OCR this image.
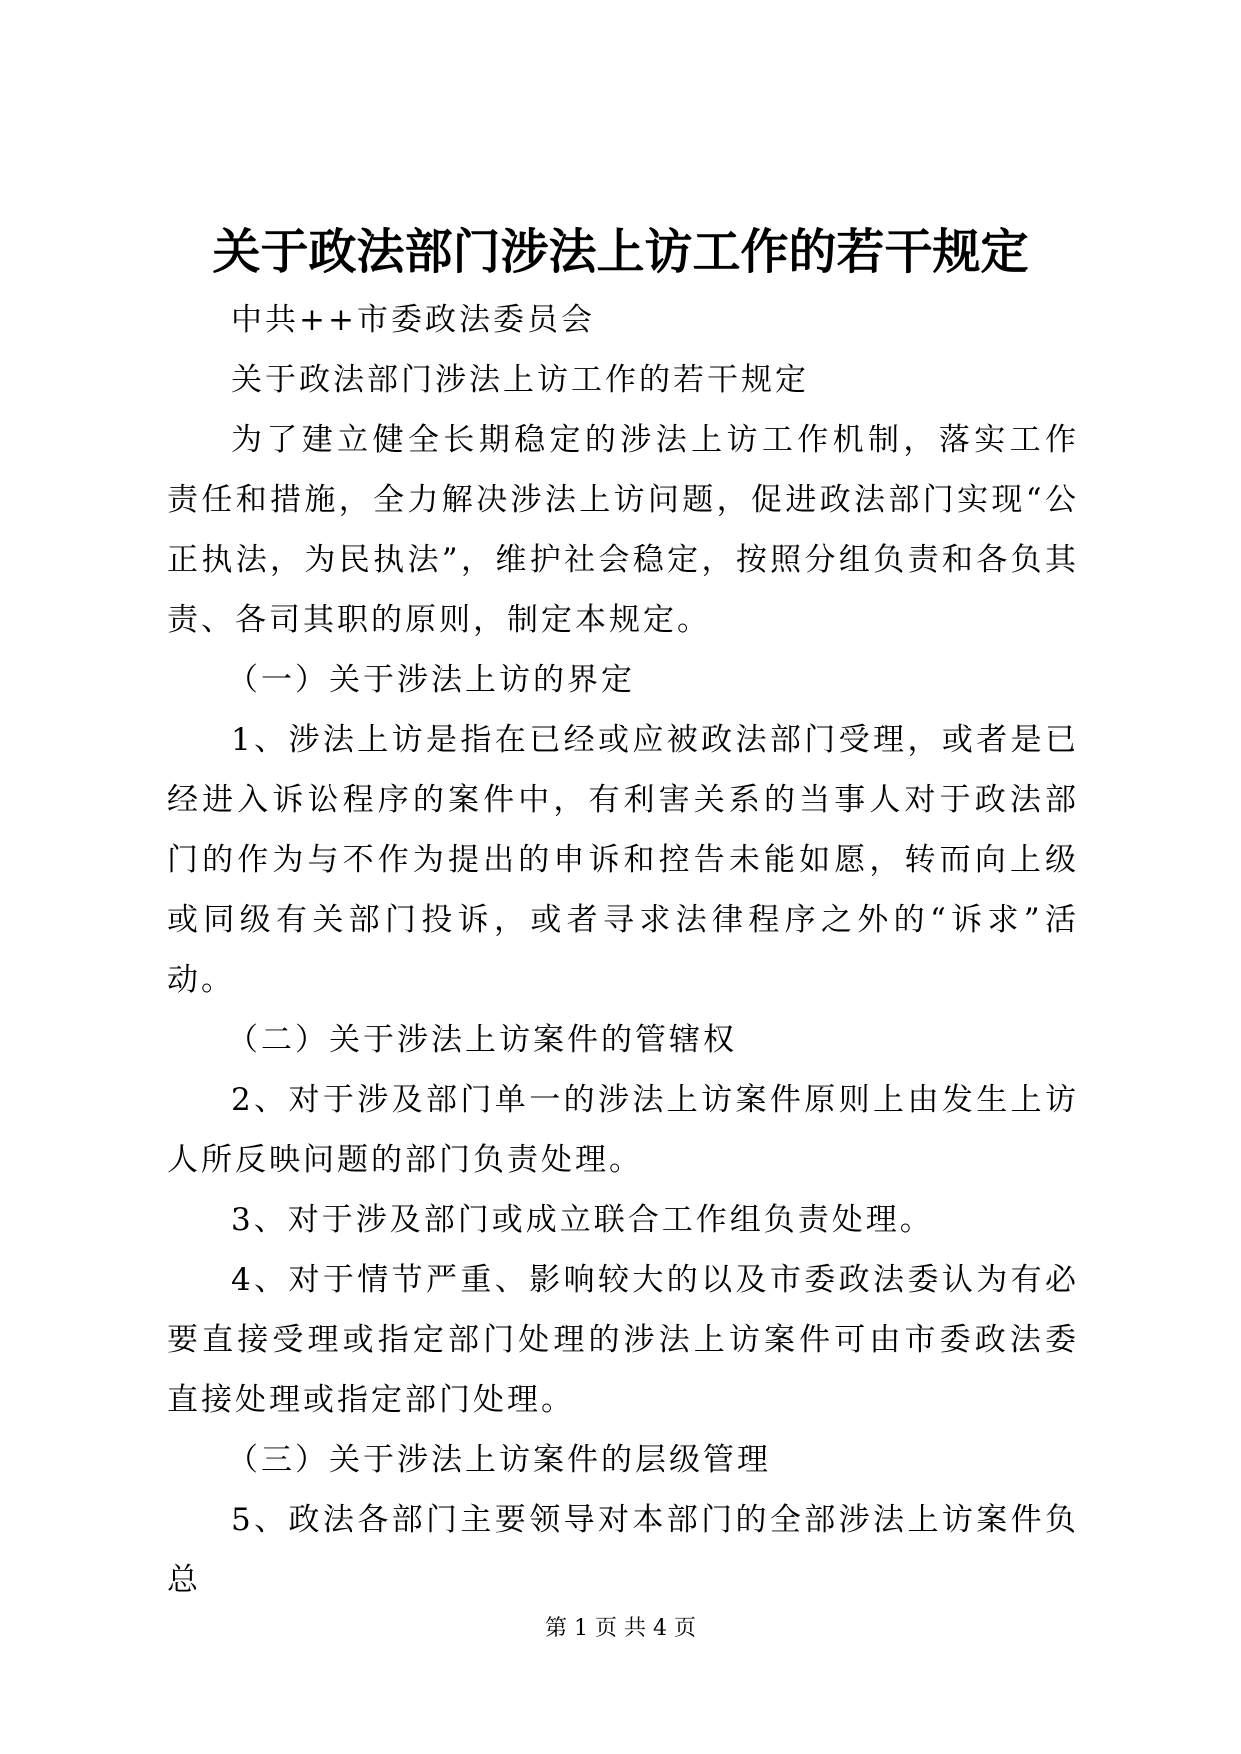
关于政法部门涉法上访工作的若干规定

中共++市委政法委员会

关于政法部门涉法上访工作的若干规定

为了建立健全长期稳定的涉法上访工作机制，落实工作责任和措施，全力解决涉法上访问题，促进政法部门实现“公正执法，为民执法”，维护社会稳定，按照分组负责和各负其责、各司其职的原则，制定本规定。

（一）关于涉法上访的界定

1、涉法上访是指在已经或应被政法部门受理，或者是已经进入诉讼程序的案件中，有利害关系的当事人对于政法部门的作为与不作为提出的申诉和控告未能如愿，转而向上级或同级有关部门投诉，或者寻求法律程序之外的“诉求”活动。

（二）关于涉法上访案件的管辖权

2、对于涉及部门单一的涉法上访案件原则上由发生上访人所反映问题的部门负责处理。

3、对于涉及部门或成立联合工作组负责处理。

4、对于情节严重、影响较大的以及市委政法委认为有必要直接受理或指定部门处理的涉法上访案件可由市委政法委直接处理或指定部门处理。

（三）关于涉法上访案件的层级管理

5、政法各部门主要领导对本部门的全部涉法上访案件负总

第 1 页 共 4 页
